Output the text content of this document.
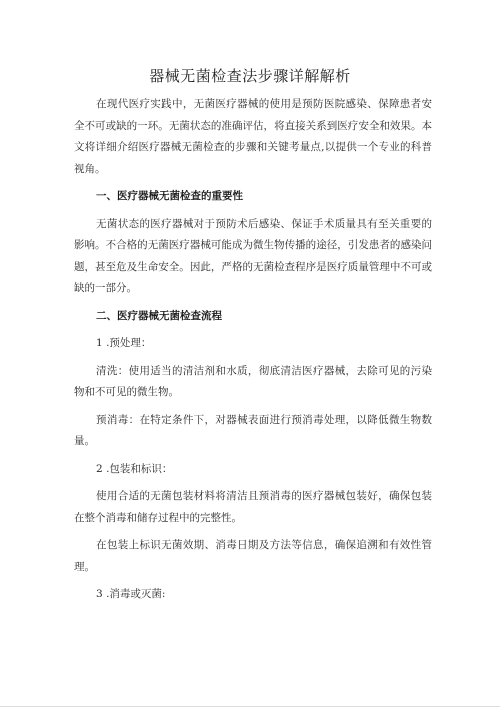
器械无菌检查法步骤详解解析

在现代医疗实践中，无菌医疗器械的使用是预防医院感染、保障患者安全不可或缺的一环。无菌状态的准确评估，将直接关系到医疗安全和效果。本文将详细介绍医疗器械无菌检查的步骤和关键考量点,以提供一个专业的科普视角。

一、医疗器械无菌检查的重要性

无菌状态的医疗器械对于预防术后感染、保证手术质量具有至关重要的影响。不合格的无菌医疗器械可能成为微生物传播的途径，引发患者的感染问题，甚至危及生命安全。因此，严格的无菌检查程序是医疗质量管理中不可或缺的一部分。

二、医疗器械无菌检查流程

1 .预处理：

清洗：使用适当的清洁剂和水质，彻底清洁医疗器械，去除可见的污染物和不可见的微生物。

预消毒：在特定条件下，对器械表面进行预消毒处理，以降低微生物数量。

2 .包装和标识：

使用合适的无菌包装材料将清洁且预消毒的医疗器械包装好，确保包装在整个消毒和储存过程中的完整性。

在包装上标识无菌效期、消毒日期及方法等信息，确保追溯和有效性管理。

3 .消毒或灭菌:
